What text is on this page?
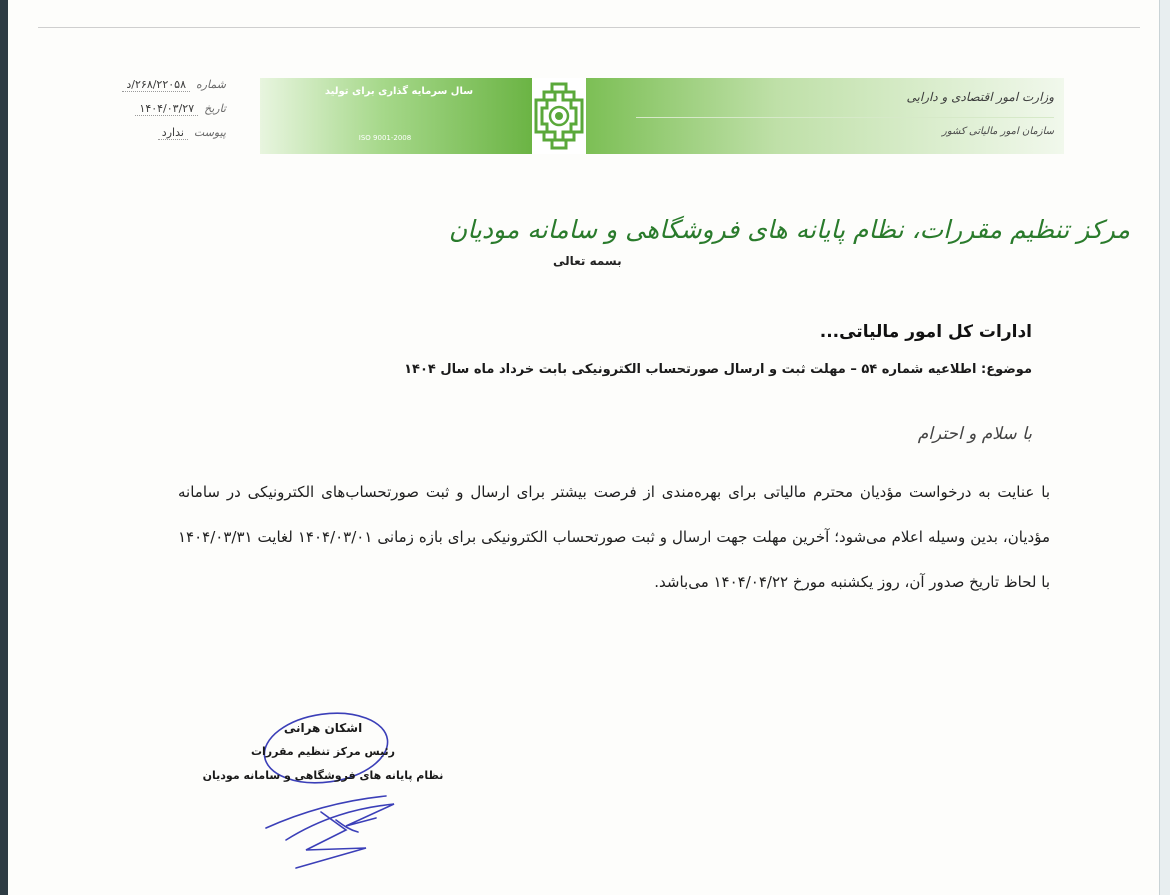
شماره
۲۶۸/۲۲۰۵۸/د
تاریخ
۱۴۰۴/۰۳/۲۷
پیوست
ندارد
سال سرمایه گذاری برای تولید
ISO 9001-2008
وزارت امور اقتصادی و دارایی
سازمان امور مالیاتی کشور
مرکز تنظیم مقررات، نظام پایانه های فروشگاهی و سامانه مودیان
بسمه تعالی
ادارات کل امور مالیاتی...
موضوع: اطلاعیه شماره ۵۴ – مهلت ثبت و ارسال صورتحساب الکترونیکی بابت خرداد ماه سال ۱۴۰۴
با سلام و احترام
با عنایت به درخواست مؤدیان محترم مالیاتی برای بهره‌مندی از فرصت بیشتر برای ارسال و ثبت صورتحساب‌های الکترونیکی در سامانه مؤدیان، بدین وسیله اعلام می‌شود؛ آخرین مهلت جهت ارسال و ثبت صورتحساب الکترونیکی برای بازه زمانی ۱۴۰۴/۰۳/۰۱ لغایت ۱۴۰۴/۰۳/۳۱ با لحاظ تاریخ صدور آن، روز یکشنبه مورخ ۱۴۰۴/۰۴/۲۲ می‌باشد.
اشکان هرانی
رئیس مرکز تنظیم مقررات
نظام پایانه های فروشگاهی و سامانه مودیان
